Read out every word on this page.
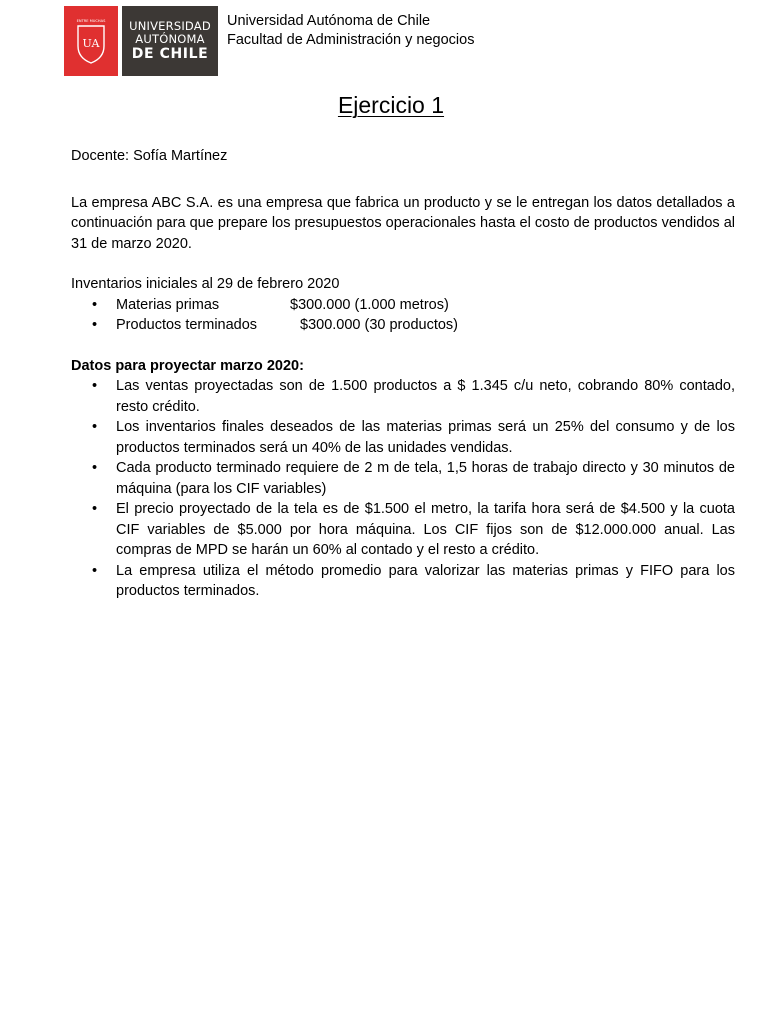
ENTRE MUCHAS
UA
UNIVERSIDAD
AUTÓNOMA
DE CHILE
Universidad Autónoma de Chile
Facultad de Administración y negocios
Ejercicio 1

Docente: Sofía Martínez

La empresa ABC S.A. es una empresa que fabrica un producto y se le entregan los datos detallados a continuación para que prepare los presupuestos operacionales hasta el costo de productos vendidos al 31 de marzo 2020.

Inventarios iniciales al 29 de febrero 2020

• Materias primas	$300.000 (1.000 metros)
• Productos terminados	$300.000 (30 productos)

Datos para proyectar marzo 2020:

• Las ventas proyectadas son de 1.500 productos a $ 1.345 c/u neto, cobrando 80% contado, resto crédito.
• Los inventarios finales deseados de las materias primas será un 25% del consumo y de los productos terminados será un 40% de las unidades vendidas.
• Cada producto terminado requiere de 2 m de tela, 1,5 horas de trabajo directo y 30 minutos de máquina (para los CIF variables)
• El precio proyectado de la tela es de $1.500 el metro, la tarifa hora será de $4.500 y la cuota CIF variables de $5.000 por hora máquina. Los CIF fijos son de $12.000.000 anual. Las compras de MPD se harán un 60% al contado y el resto a crédito.
• La empresa utiliza el método promedio para valorizar las materias primas y FIFO para los productos terminados.
